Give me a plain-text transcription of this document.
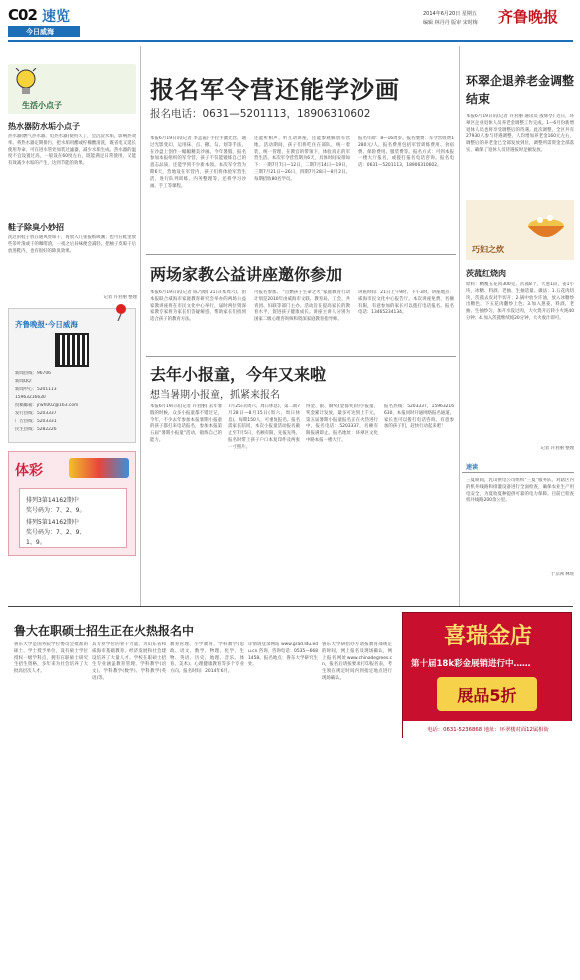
C02 速览
今日威海
2014年6月20日 星期五
编辑 林丹丹 版审 宋时梅 齐鲁晚报
生活小点子
热水器防水垢小点子
热水器(燃气热水器、电热水器)使用久了，会沉淀水垢，影响热效率。将热水器定期排污，把水垢用醋或柠檬酸清洗，既省电又延长使用寿命。可在进水管处加装过滤器，减少水垢生成。热水器的温度不宜设置过高，一般设在60度左右，既能满足日常使用，又能有效减少水垢的产生，达到节能的效果。
鞋子除臭小妙招
洗过的鞋子放在通风处晾干，再放入几张报纸吸潮；也可在鞋里放些茶叶渣或干的咖啡渣，一夜之后异味便会减轻。把柚子皮晾干后放进鞋内，也有很好的除臭效果。
记者 许君丽 整理
齐鲁晚报·今日威海
新闻热线：96706
新闻QQ：
新闻中心：5201113
15963216630
投稿邮箱：jrwh002@163.com
发行热线：5203337
广告热线：5203331
民生热线：5282226
体彩
排列3第14162期中
奖号码为：7、2、9。
排列5第14162期中
奖号码为：7、2、9、
1、9。
报名军令营还能学沙画
报名电话：0631—5201113，18906310602
本报6月19日讯(记者 李孟霞) 手拉手激光营，通过光影变幻，运用抹、点、撒、勾、划等手法，在沙盘上创作一幅幅精美沙画。今年暑假，报名参加本报组织的军令营，孩子不仅能锻炼自己的意志品质，还能学到不少新本领。本次军令营为期6天，营地设在军营内，孩子们将体验军营生活，进行队列训练、内务整理等，还将学习沙画、手工等课程。
还能听相声、听互动讲座，还能参观解放军营地。活动期间，孩子们将吃住在部队，统一着装，统一管理，在教官的带领下，体验真正的军营生活。本次军令营营期为6天，具体时间安排如下：一期7月7日—12日，二期7月14日—19日，三期7月21日—26日，四期7月28日—8月2日。每期招收80名学员。
报名年龄：8—16周岁。报名缴费：军令营收费1280元/人，报名费用包括军营训练费用、食宿费、保险费用、服装费等。报名方式：可到本报一楼大厅报名，或拨打报名电话咨询。报名电话：0631—5201113，18906310602。
两场家教公益讲座邀你参加
本报6月19日讯(记者 陈乃刚) 21日(本周六)，由本报联合威海市家庭教育研究会举办的两场公益家教讲座将在市民文化中心举行，届时两位资深家教专家将为家长们答疑解惑，帮助家长们找到适合孩子的教育方法。
可报名参加。 “点燃孩子生命之火”家庭教育行动计划是2010年由威海市文联、教育局、工会、共青团、妇联等部门主办。活动旨在提高家长的教育水平，促进孩子健康成长。讲座主讲人分别为国家二级心理咨询师和资深家庭教育指导师。
讲座时间：21日上午9时、下午3时。讲座地点：威海市民文化中心报告厅。本次讲座免费，名额有限，有意参加的家长可以拨打电话报名。报名电话：13465234134。
去年小报童，今年又来啦
想当暑期小报童，抓紧来报名
本报6月19日讯(记者 许君丽) 去年暑假的时候，众多小报童都不错过记，今年，不少去年参加本报暑期小报童的孩子都打来电话报名，参加本报第五届“暑期小报童”活动，锻炼自己的能力。
7月25日(周六、周日休息)，第二期7月28日—8月15日(周六、周日休息)，每期150人，可重复报名。报名需家长陪同，本次小报童活动报名截止至7月5日，名额有限，先报先得。报名时带上孩子户口本复印件及两张一寸照片。
得金、银、铜奖(金都奖)的小报童，奖金累计发放，最多可达到上千元。第五届暑期小报童报名正在火热进行中，报名电话：5203337，名额有限报满即止。报名地址：环翠区文化中路本报一楼大厅。
报名热线：5203337，15963216630，本报同时开通网络报名通道，家长也可以拨打电话咨询。有意参加的孩子们，赶快行动起来吧！
环翠企退养老金调整结束
本报6月19日讯(记者 许君丽 通讯员 殷辉亭) 近日，环翠区企业退休人员养老金调整工作完成。1—6月份新增退休人员也将享受调整后的待遇。此次调整，全区共有27930人参与待遇调整，人均增加养老金160元左右，调整后的养老金已全部发放到位，调整所需资金全部落实，确保了退休人员待遇按时足额发放。
巧妇之炊
茨菰红烧肉
原料：精瘦五花肉300克，茨菰8个，大葱1段，姜1小块，冰糖、料酒、老抽、生抽适量。做法：1.五花肉切块，茨菰去皮对半切开；2.锅中放少许油，放入冰糖炒出糖色，下五花肉翻炒上色；3.加入葱姜、料酒、老抽、生抽炒匀，加开水没过肉，大火烧开后转小火炖40分钟；4.加入茨菰继续炖20分钟，大火收汁即可。
记者 许君丽 整理
速读
三夏期间，乳山供电公司组织“三夏”服务队，对辖区内的机井线路和排灌设备进行全面检查，确保农业生产用电安全，为夏收夏种提供可靠的电力保障。目前已检查机井线路200余公里。
于京洲 林瑶
鲁大在职硕士招生正在火热报名中
鲁东大学是国务院学位委员会批准的硕士、学士授予单位，设有硕士学位授权一级学科点，拥有在职硕士研究生招生资格，多年来为社会培养了大批高层次人才。
其专业学位的骨干力量，为山东省和威海市基础教育、经济发展和社会建设培养了大量人才。学校在职硕士招生专业涵盖教育管理、学科教学(语文)、学科教学(数学)、学科教学(英语)等。
教育管理、小学教育、学科教学(思政、语文、数学、物理、化学、生物、英语、历史、地理、音乐、体育、美术)、心理健康教育等多个专业方向。报名时间：2014年6月。
详情请登录网站 www.grad.ldu.edu.cn 咨询，咨询电话：0535—6681458。报名地点：鲁东大学研究生处。
鲁东大学研招办方请按教育部规定的时间，网上报名及现场确认，网上报名网址www.chinadegrees.cn，报名后请按要求打印报名表，考生须在规定时间内到指定地点进行现场确认。
喜瑞金店
第十届18k彩金展销进行中……
展品5折
电话：0631-5236868 地址：环翠楼对面12属相街
